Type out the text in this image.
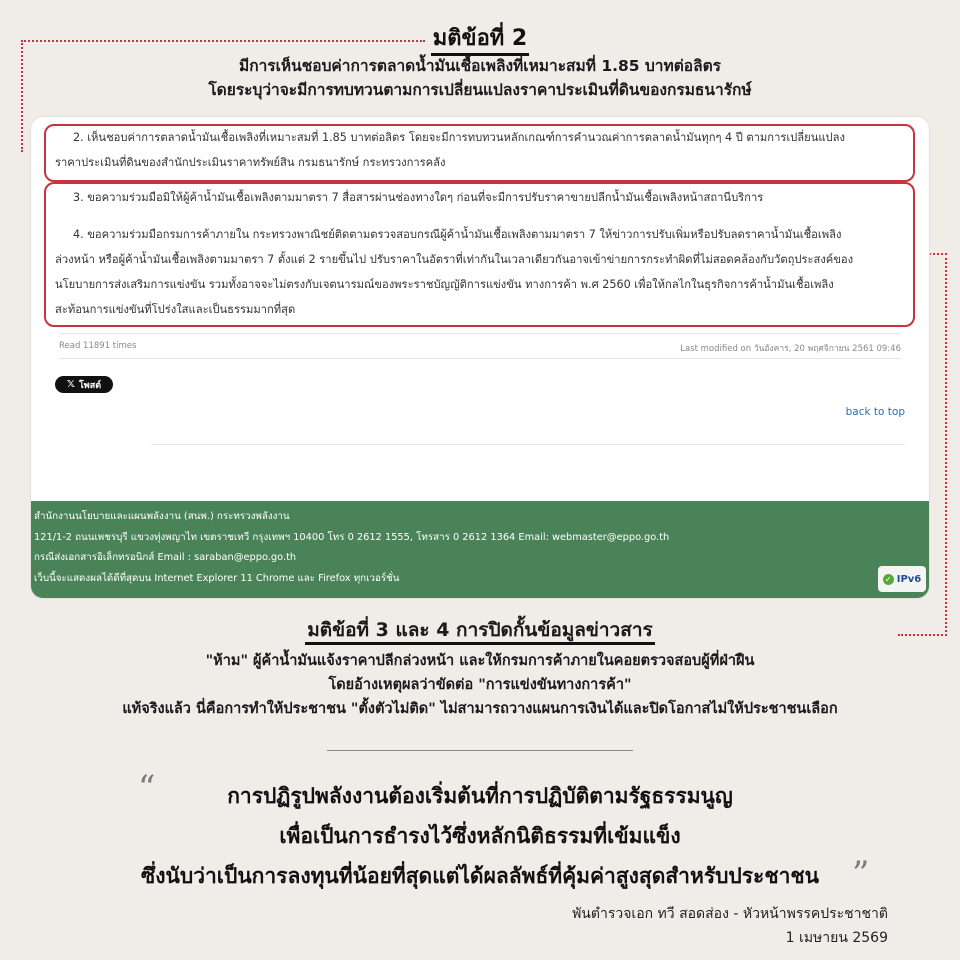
มติข้อที่ 2
มีการเห็นชอบค่าการตลาดน้ำมันเชื้อเพลิงที่เหมาะสมที่ 1.85 บาทต่อลิตร
โดยระบุว่าจะมีการทบทวนตามการเปลี่ยนแปลงราคาประเมินที่ดินของกรมธนารักษ์
2. เห็นชอบค่าการตลาดน้ำมันเชื้อเพลิงที่เหมาะสมที่ 1.85 บาทต่อลิตร โดยจะมีการทบทวนหลักเกณฑ์การคำนวณค่าการตลาดน้ำมันทุกๆ 4 ปี ตามการเปลี่ยนแปลง
ราคาประเมินที่ดินของสำนักประเมินราคาทรัพย์สิน กรมธนารักษ์ กระทรวงการคลัง
3. ขอความร่วมมือมิให้ผู้ค้าน้ำมันเชื้อเพลิงตามมาตรา 7 สื่อสารผ่านช่องทางใดๆ ก่อนที่จะมีการปรับราคาขายปลีกน้ำมันเชื้อเพลิงหน้าสถานีบริการ
4. ขอความร่วมมือกรมการค้าภายใน กระทรวงพาณิชย์ติดตามตรวจสอบกรณีผู้ค้าน้ำมันเชื้อเพลิงตามมาตรา 7 ให้ข่าวการปรับเพิ่มหรือปรับลดราคาน้ำมันเชื้อเพลิง
ล่วงหน้า หรือผู้ค้าน้ำมันเชื้อเพลิงตามมาตรา 7 ตั้งแต่ 2 รายขึ้นไป ปรับราคาในอัตราที่เท่ากันในเวลาเดียวกันอาจเข้าข่ายการกระทำผิดที่ไม่สอดคล้องกับวัตถุประสงค์ของ
นโยบายการส่งเสริมการแข่งขัน รวมทั้งอาจจะไม่ตรงกับเจตนารมณ์ของพระราชบัญญัติการแข่งขัน ทางการค้า พ.ศ 2560 เพื่อให้กลไกในธุรกิจการค้าน้ำมันเชื้อเพลิง
สะท้อนการแข่งขันที่โปร่งใสและเป็นธรรมมากที่สุด
Read 11891 times	Last modified on วันอังคาร, 20 พฤศจิกายน 2561 09:46
𝕏 โพสต์
back to top
สำนักงานนโยบายและแผนพลังงาน (สนพ.) กระทรวงพลังงาน
121/1-2 ถนนเพชรบุรี แขวงทุ่งพญาไท เขตราชเทวี กรุงเทพฯ 10400 โทร 0 2612 1555, โทรสาร 0 2612 1364 Email: webmaster@eppo.go.th
กรณีส่งเอกสารอิเล็กทรอนิกส์ Email : saraban@eppo.go.th
เว็บนี้จะแสดงผลได้ดีที่สุดบน Internet Explorer 11 Chrome และ Firefox ทุกเวอร์ชั่น	✓ IPv6
มติข้อที่ 3 และ 4 การปิดกั้นข้อมูลข่าวสาร
"ห้าม" ผู้ค้าน้ำมันแจ้งราคาปลีกล่วงหน้า และให้กรมการค้าภายในคอยตรวจสอบผู้ที่ฝ่าฝืน
โดยอ้างเหตุผลว่าขัดต่อ "การแข่งขันทางการค้า"
แท้จริงแล้ว นี่คือการทำให้ประชาชน "ตั้งตัวไม่ติด" ไม่สามารถวางแผนการเงินได้และปิดโอกาสไม่ให้ประชาชนเลือก
“	การปฏิรูปพลังงานต้องเริ่มต้นที่การปฏิบัติตามรัฐธรรมนูญ
เพื่อเป็นการธำรงไว้ซึ่งหลักนิติธรรมที่เข้มแข็ง
ซึ่งนับว่าเป็นการลงทุนที่น้อยที่สุดแต่ได้ผลลัพธ์ที่คุ้มค่าสูงสุดสำหรับประชาชน ”
พันตำรวจเอก ทวี สอดส่อง - หัวหน้าพรรคประชาชาติ
1 เมษายน 2569
